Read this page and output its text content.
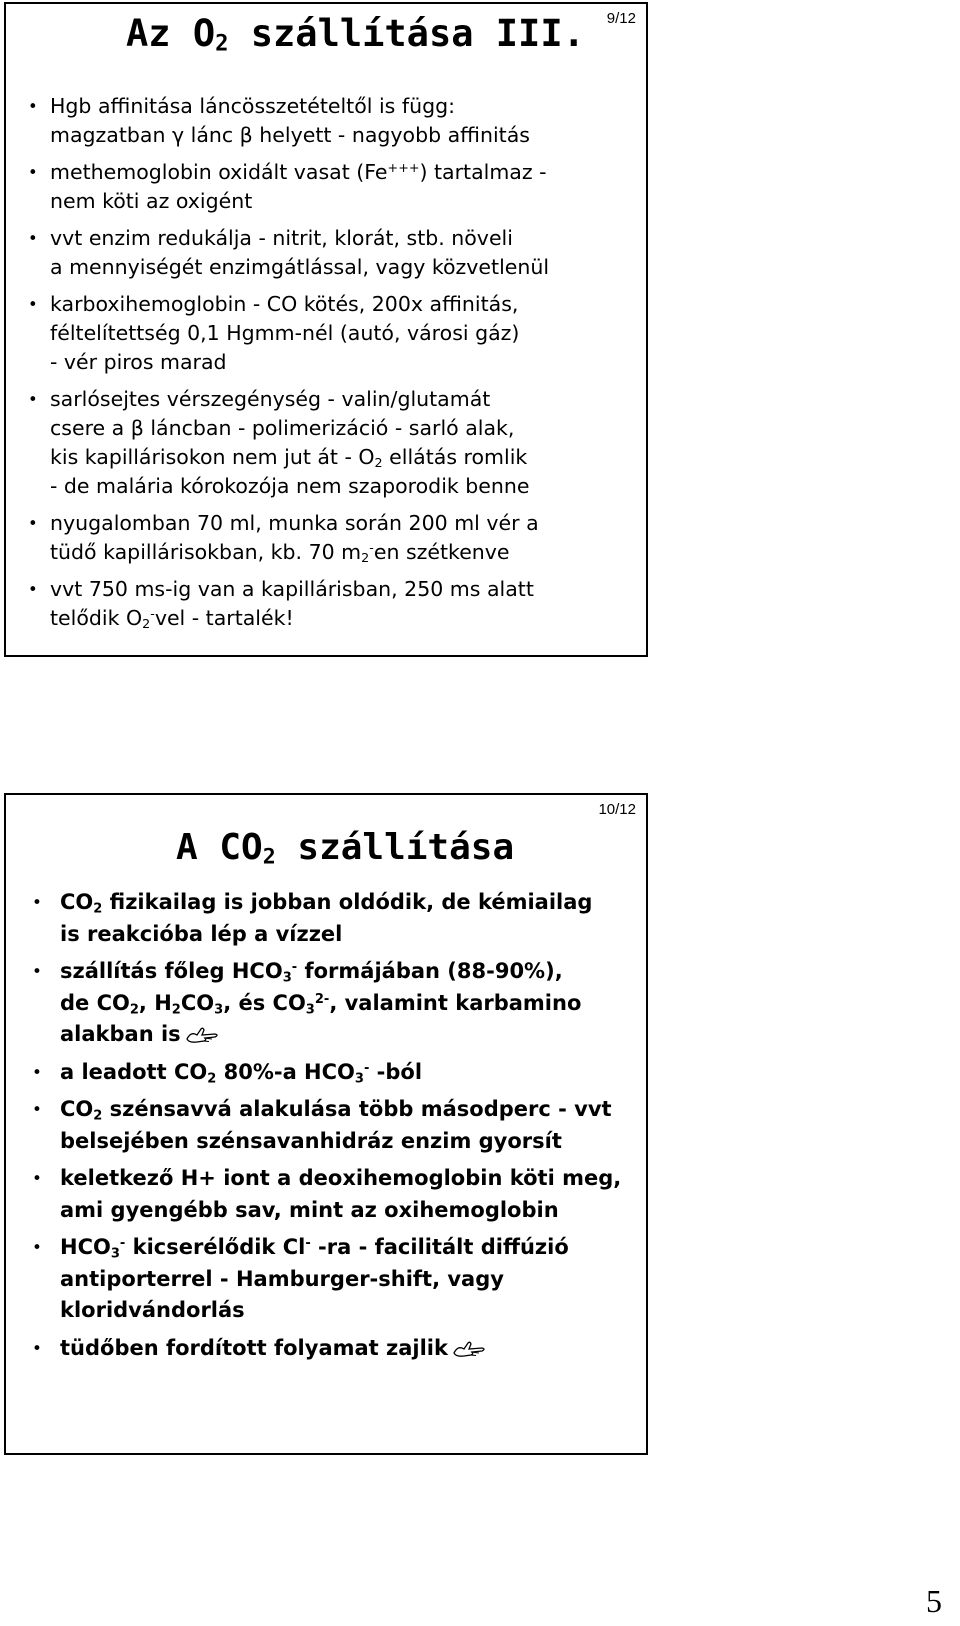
9/12
Az $O_2$ szállítása III.
• Hgb affinitása láncösszetételtől is függ:
magzatban γ lánc β helyett - nagyobb affinitás
• methemoglobin oxidált vasat (Fe+++) tartalmaz -
nem köti az oxigént
• vvt enzim redukálja - nitrit, klorát, stb. növeli
a mennyiségét enzimgátlással, vagy közvetlenül
• karboxihemoglobin - CO kötés, 200x affinitás,
féltelítettség 0,1 Hgmm-nél (autó, városi gáz)
- vér piros marad
• sarlósejtes vérszegénység - valin/glutamát
csere a β láncban - polimerizáció - sarló alak,
kis kapillárisokon nem jut át - $O_2$ ellátás romlik
- de malária kórokozója nem szaporodik benne
• nyugalomban 70 ml, munka során 200 ml vér a
tüdő kapillárisokban, kb. 70 $m_2^-en$ szétkenve
• vvt 750 ms-ig van a kapillárisban, 250 ms alatt
telődik $O_2^-vel$ - tartalék!
10/12
A $CO_2$ szállítása
• $CO_2$ fizikailag is jobban oldódik, de kémiailag
is reakcióba lép a vízzel
• szállítás főleg $HCO_3^-$ formájában (88-90%),
de $CO_2$, $H_2CO_3$, és $CO_3^{2-}$, valamint karbamino
alakban is
• a leadott $CO_2$ 80%-a $HCO_3^-$ -ból
• $CO_2$ szénsavvá alakulása több másodperc - vvt
belsejében szénsavanhidráz enzim gyorsít
• keletkező H+ iont a deoxihemoglobin köti meg,
ami gyengébb sav, mint az oxihemoglobin
• $HCO_3^-$ kicserélődik Cl- -ra - facilitált diffúzió
antiporterrel - Hamburger-shift, vagy
kloridvándorlás
• tüdőben fordított folyamat zajlik
5
